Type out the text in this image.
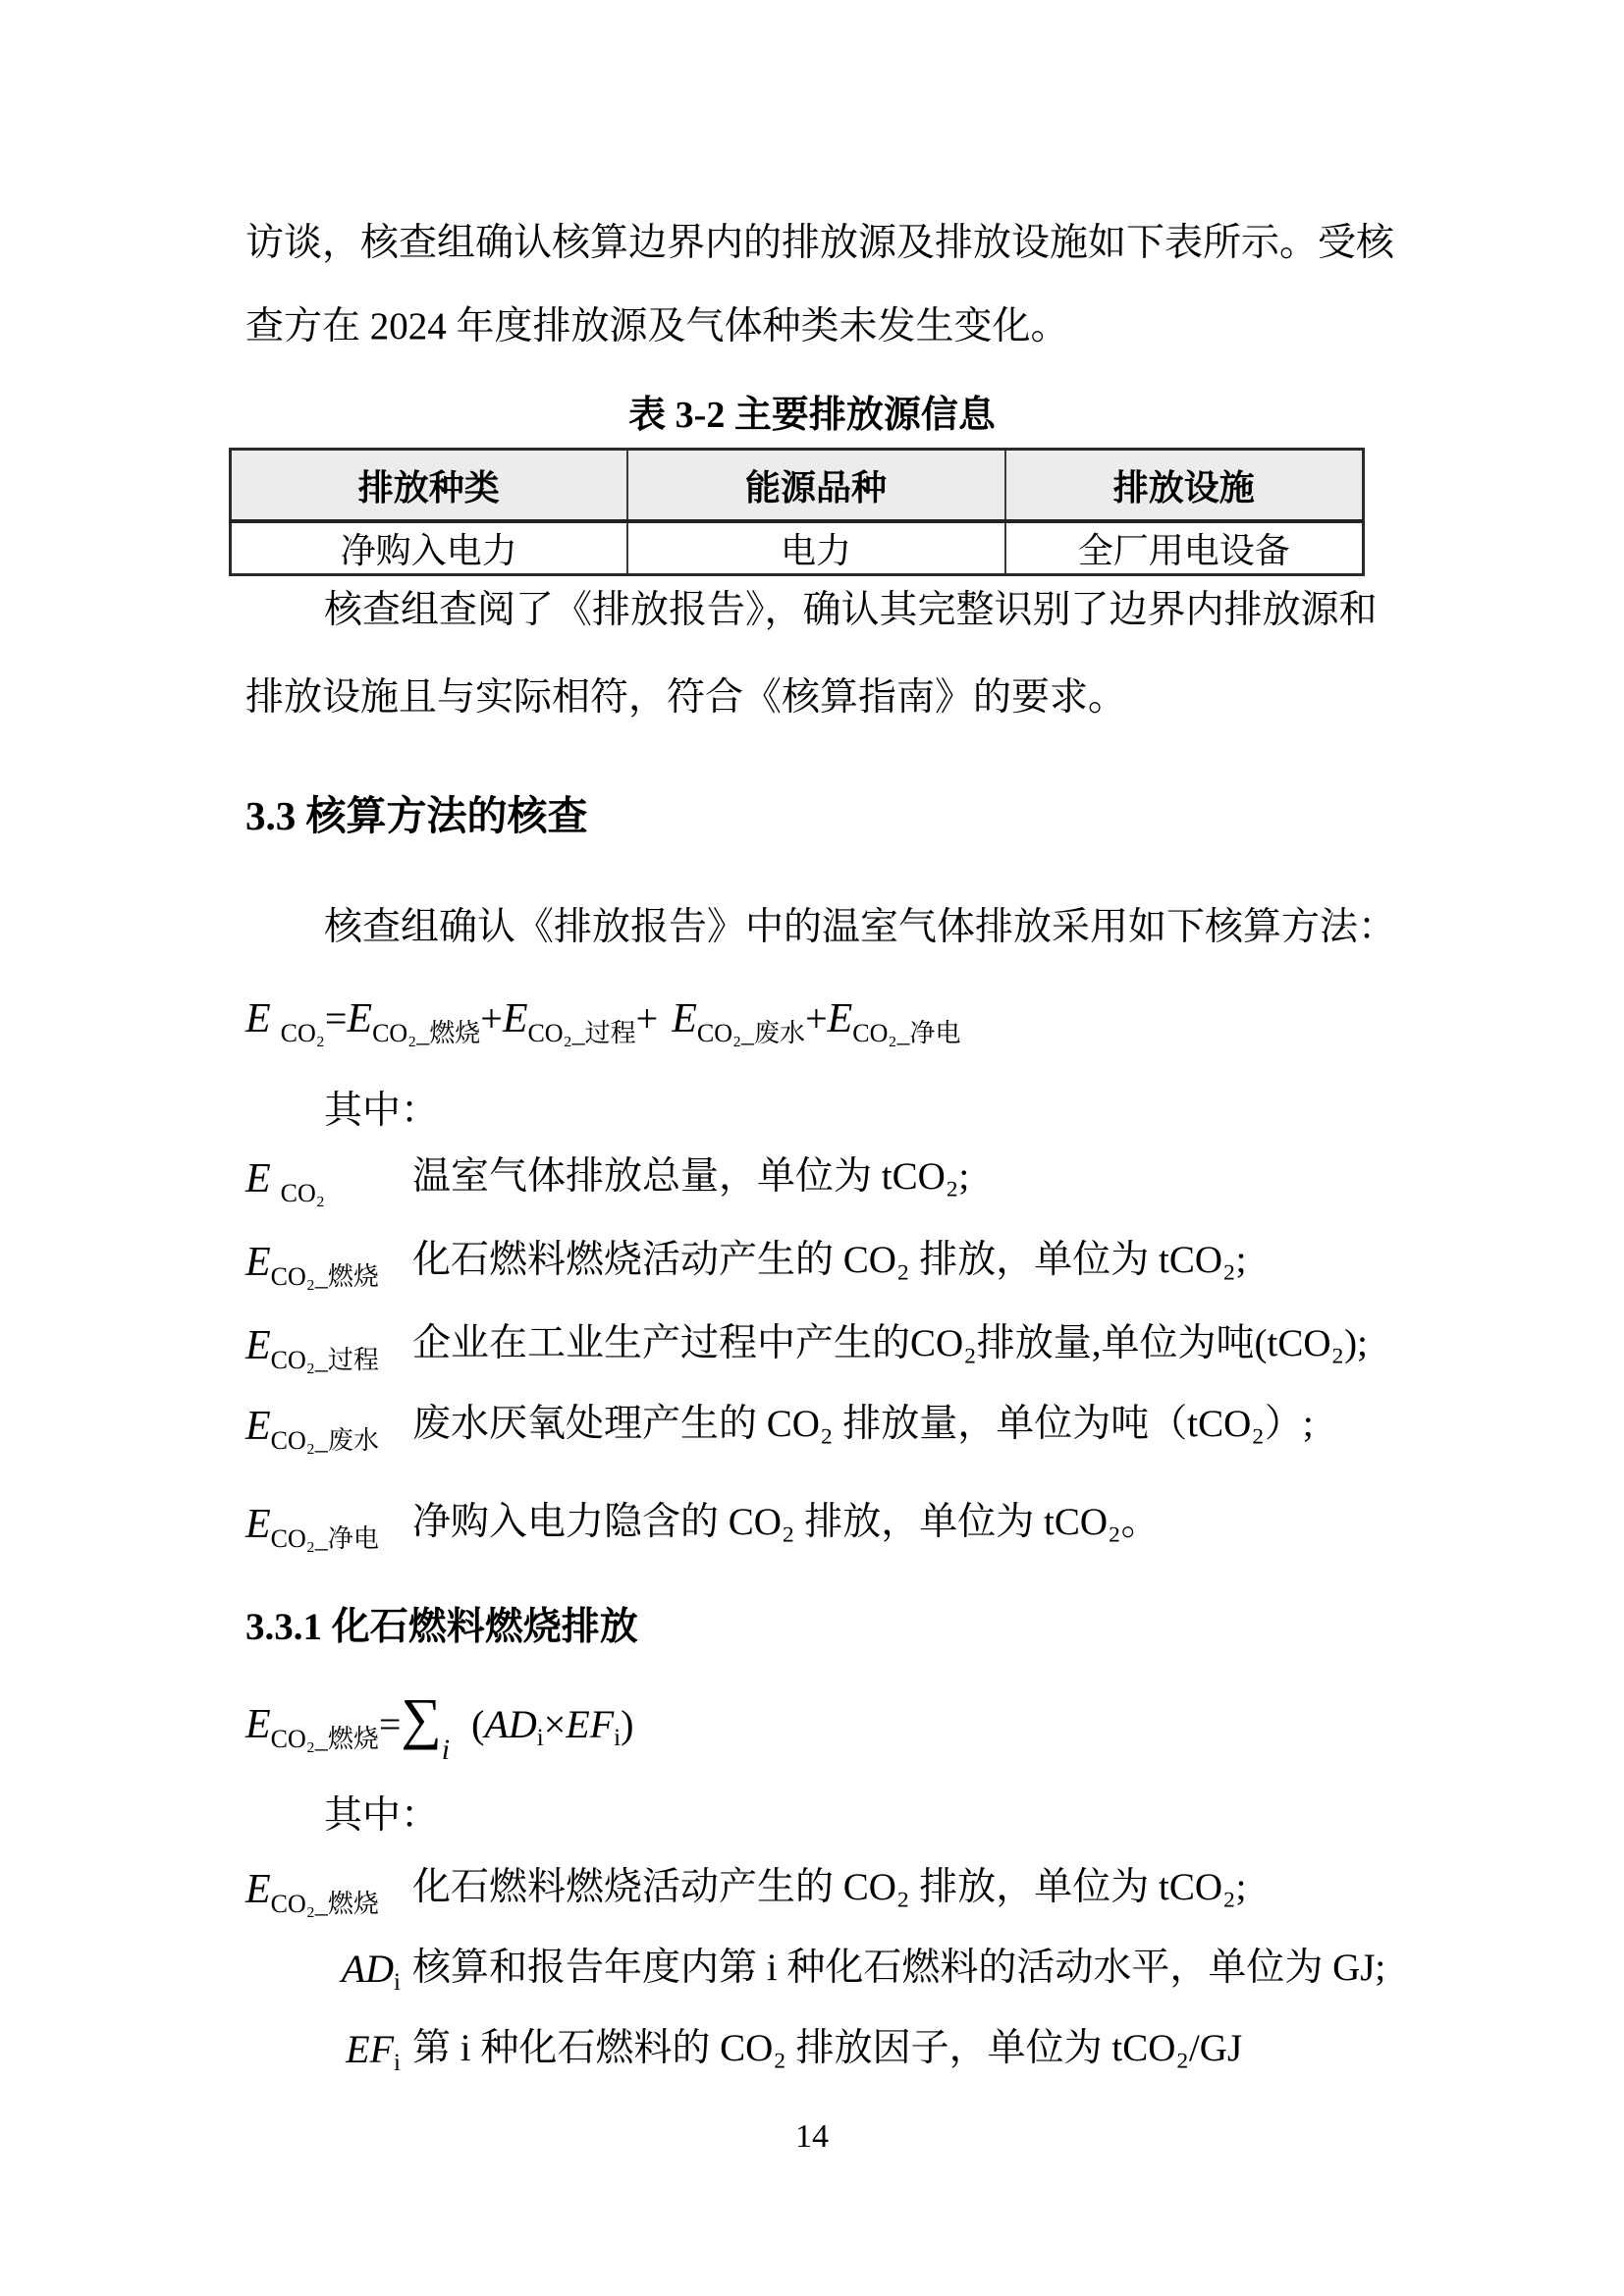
访谈，核查组确认核算边界内的排放源及排放设施如下表所示。受核
查方在 2024 年度排放源及气体种类未发生变化。
表 3-2 主要排放源信息
排放种类	能源品种	排放设施
净购入电力	电力	全厂用电设备
核查组查阅了《排放报告》，确认其完整识别了边界内排放源和
排放设施且与实际相符，符合《核算指南》的要求。
3.3 核算方法的核查
核查组确认《排放报告》中的温室气体排放采用如下核算方法：
ECO₂=ECO₂_燃烧+ECO₂_过程+ ECO₂_废水+ECO₂_净电
其中：
E $_{CO_2}$	温室气体排放总量，单位为 tCO₂;
$E_{CO_2\_燃烧}$ 化石燃料燃烧活动产生的 CO₂ 排放，单位为 tCO₂;
$E_{CO_2\_过程}$ 企业在工业生产过程中产生的CO₂排放量,单位为吨(tCO₂);
$E_{CO_2\_废水}$ 废水厌氧处理产生的 CO₂ 排放量，单位为吨（tCO₂）;
$E_{CO_2\_净电}$ 净购入电力隐含的 CO₂ 排放，单位为 tCO₂。
3.3.1 化石燃料燃烧排放
ECO₂_燃烧=∑i(ADi×EFi)
其中：
$E_{CO_2\_燃烧}$ 化石燃料燃烧活动产生的 CO₂ 排放，单位为 tCO₂;
$AD_i$ 核算和报告年度内第 i 种化石燃料的活动水平，单位为 GJ;
$EF_i$ 第 i 种化石燃料的 CO₂ 排放因子，单位为 tCO₂/GJ
14
